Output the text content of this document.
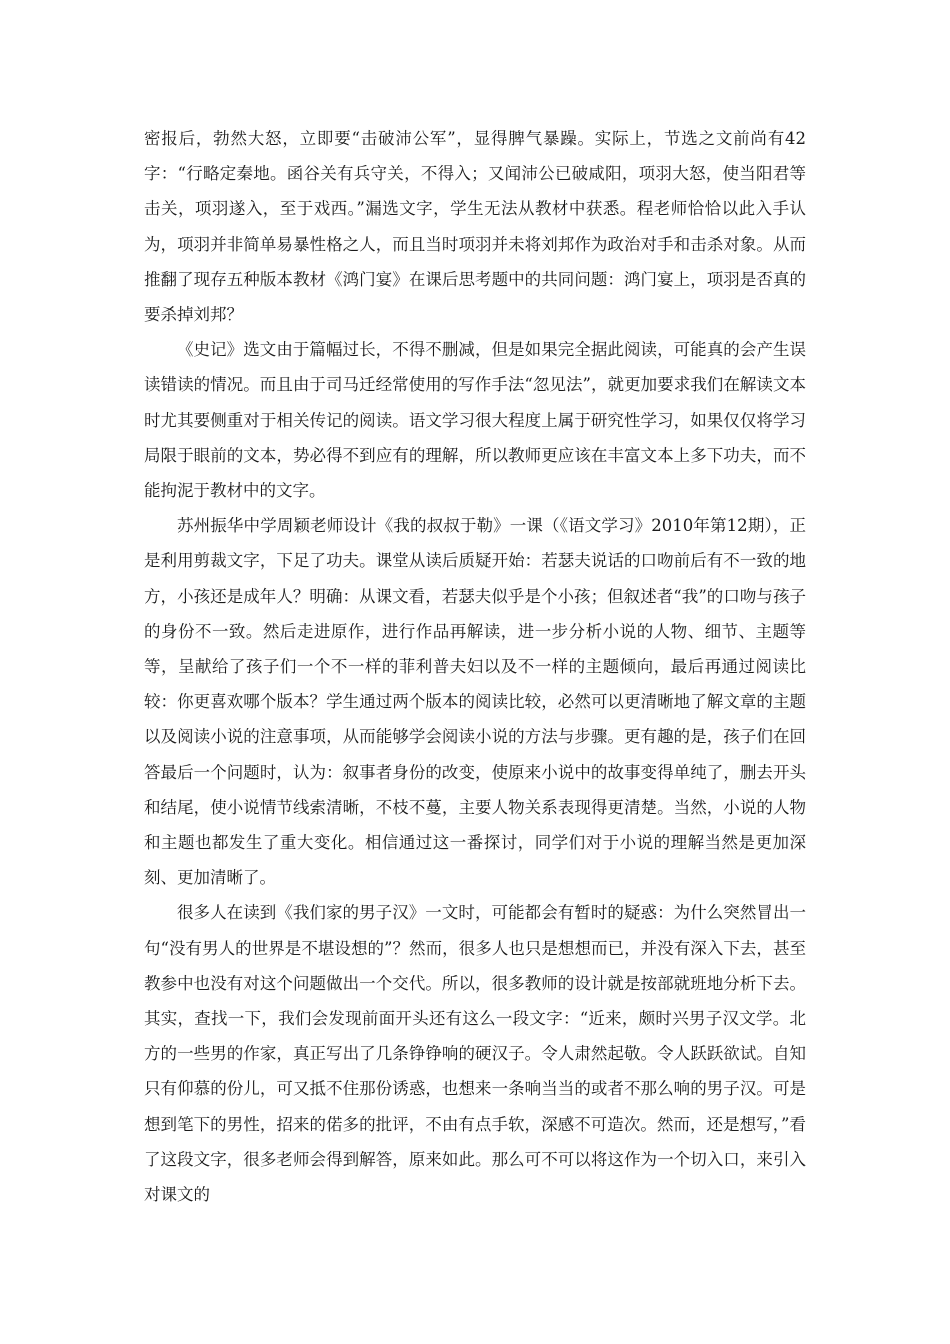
密报后，勃然大怒，立即要“击破沛公军”，显得脾气暴躁。实际上，节选之文前尚有42字：“行略定秦地。函谷关有兵守关，不得入；又闻沛公已破咸阳，项羽大怒，使当阳君等击关，项羽遂入，至于戏西。”漏选文字，学生无法从教材中获悉。程老师恰恰以此入手认为，项羽并非简单易暴性格之人，而且当时项羽并未将刘邦作为政治对手和击杀对象。从而推翻了现存五种版本教材《鸿门宴》在课后思考题中的共同问题：鸿门宴上，项羽是否真的要杀掉刘邦？

《史记》选文由于篇幅过长，不得不删减，但是如果完全据此阅读，可能真的会产生误读错读的情况。而且由于司马迁经常使用的写作手法“忽见法”，就更加要求我们在解读文本时尤其要侧重对于相关传记的阅读。语文学习很大程度上属于研究性学习，如果仅仅将学习局限于眼前的文本，势必得不到应有的理解，所以教师更应该在丰富文本上多下功夫，而不能拘泥于教材中的文字。

苏州振华中学周颖老师设计《我的叔叔于勒》一课（《语文学习》2010年第12期），正是利用剪裁文字，下足了功夫。课堂从读后质疑开始：若瑟夫说话的口吻前后有不一致的地方，小孩还是成年人？明确：从课文看，若瑟夫似乎是个小孩；但叙述者“我”的口吻与孩子的身份不一致。然后走进原作，进行作品再解读，进一步分析小说的人物、细节、主题等等，呈献给了孩子们一个不一样的菲利普夫妇以及不一样的主题倾向，最后再通过阅读比较：你更喜欢哪个版本？学生通过两个版本的阅读比较，必然可以更清晰地了解文章的主题以及阅读小说的注意事项，从而能够学会阅读小说的方法与步骤。更有趣的是，孩子们在回答最后一个问题时，认为：叙事者身份的改变，使原来小说中的故事变得单纯了，删去开头和结尾，使小说情节线索清晰，不枝不蔓，主要人物关系表现得更清楚。当然，小说的人物和主题也都发生了重大变化。相信通过这一番探讨，同学们对于小说的理解当然是更加深刻、更加清晰了。

很多人在读到《我们家的男子汉》一文时，可能都会有暂时的疑惑：为什么突然冒出一句“没有男人的世界是不堪设想的”？然而，很多人也只是想想而已，并没有深入下去，甚至教参中也没有对这个问题做出一个交代。所以，很多教师的设计就是按部就班地分析下去。其实，查找一下，我们会发现前面开头还有这么一段文字：“近来，颇时兴男子汉文学。北方的一些男的作家，真正写出了几条铮铮响的硬汉子。令人肃然起敬。令人跃跃欲试。自知只有仰慕的份儿，可又抵不住那份诱惑，也想来一条响当当的或者不那么响的男子汉。可是想到笔下的男性，招来的偌多的批评，不由有点手软，深感不可造次。然而，还是想写，”看了这段文字，很多老师会得到解答，原来如此。那么可不可以将这作为一个切入口，来引入对课文的
